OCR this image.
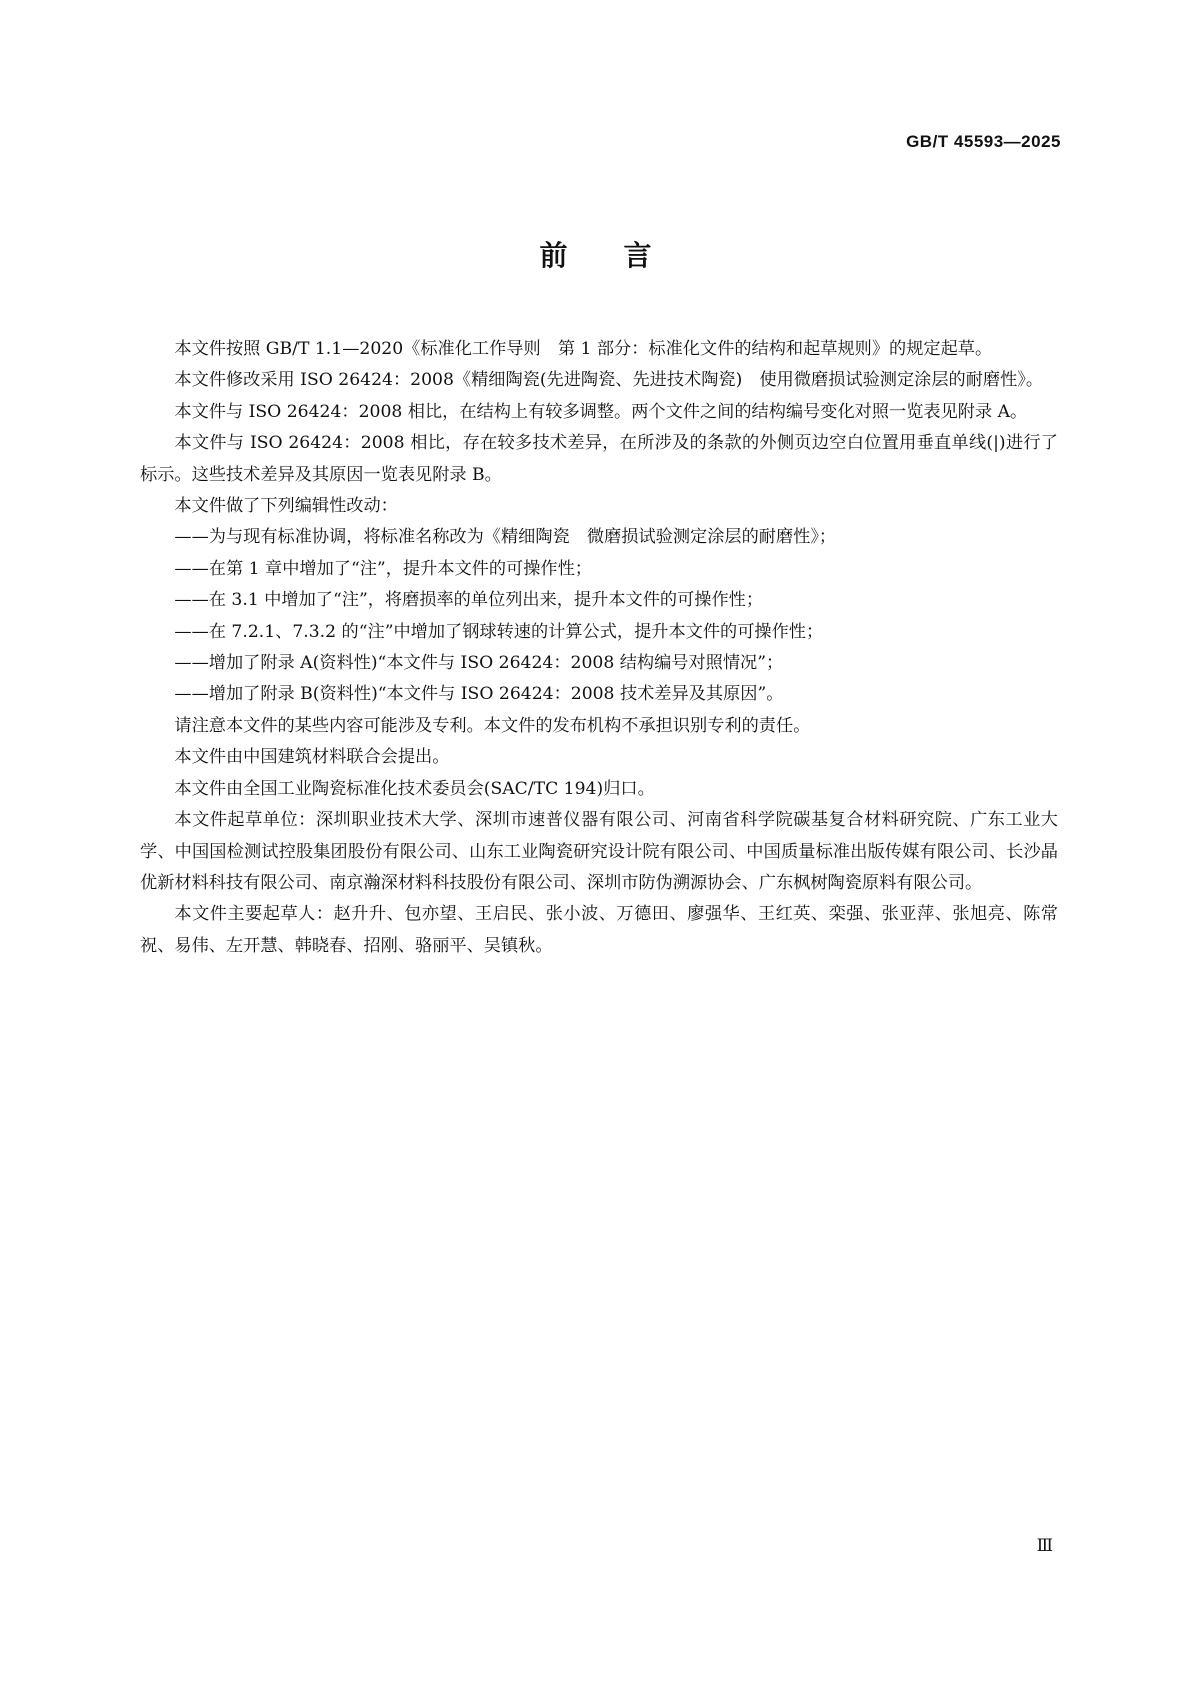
GB/T 45593—2025
前言

本文件按照 GB/T 1.1—2020《标准化工作导则　第 1 部分：标准化文件的结构和起草规则》的规定起草。

本文件修改采用 ISO 26424：2008《精细陶瓷(先进陶瓷、先进技术陶瓷)　使用微磨损试验测定涂层的耐磨性》。

本文件与 ISO 26424：2008 相比，在结构上有较多调整。两个文件之间的结构编号变化对照一览表见附录 A。

本文件与 ISO 26424：2008 相比，存在较多技术差异，在所涉及的条款的外侧页边空白位置用垂直单线(|)进行了标示。这些技术差异及其原因一览表见附录 B。

本文件做了下列编辑性改动：

——为与现有标准协调，将标准名称改为《精细陶瓷　微磨损试验测定涂层的耐磨性》；

——在第 1 章中增加了“注”，提升本文件的可操作性；

——在 3.1 中增加了“注”，将磨损率的单位列出来，提升本文件的可操作性；

——在 7.2.1、7.3.2 的“注”中增加了钢球转速的计算公式，提升本文件的可操作性；

——增加了附录 A(资料性)“本文件与 ISO 26424：2008 结构编号对照情况”；

——增加了附录 B(资料性)“本文件与 ISO 26424：2008 技术差异及其原因”。

请注意本文件的某些内容可能涉及专利。本文件的发布机构不承担识别专利的责任。

本文件由中国建筑材料联合会提出。

本文件由全国工业陶瓷标准化技术委员会(SAC/TC 194)归口。

本文件起草单位：深圳职业技术大学、深圳市速普仪器有限公司、河南省科学院碳基复合材料研究院、广东工业大学、中国国检测试控股集团股份有限公司、山东工业陶瓷研究设计院有限公司、中国质量标准出版传媒有限公司、长沙晶优新材料科技有限公司、南京瀚深材料科技股份有限公司、深圳市防伪溯源协会、广东枫树陶瓷原料有限公司。

本文件主要起草人：赵升升、包亦望、王启民、张小波、万德田、廖强华、王红英、栾强、张亚萍、张旭亮、陈常祝、易伟、左开慧、韩晓春、招刚、骆丽平、吴镇秋。

Ⅲ
